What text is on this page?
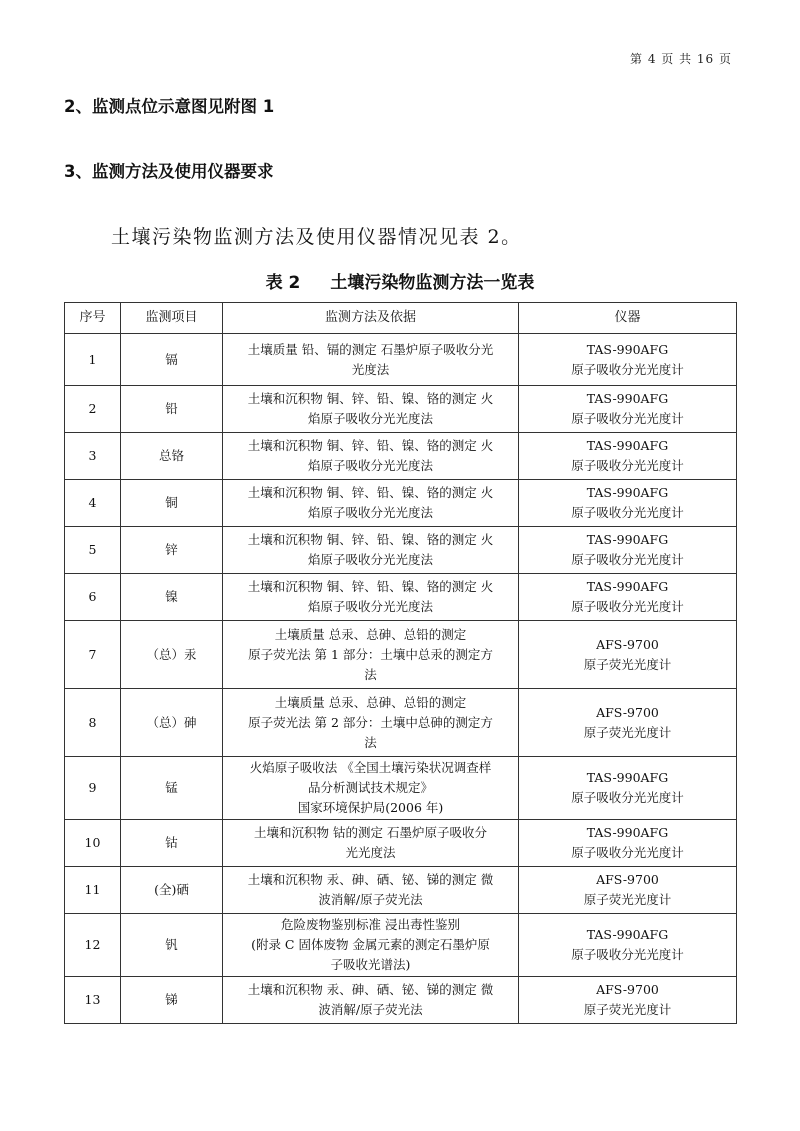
第 4 页 共 16 页
2、监测点位示意图见附图 1
3、监测方法及使用仪器要求
土壤污染物监测方法及使用仪器情况见表 2。
表 2 土壤污染物监测方法一览表
序号	监测项目	监测方法及依据	仪器
1	镉	土壤质量 铅、镉的测定 石墨炉原子吸收分光
光度法	TAS-990AFG
原子吸收分光光度计

2	铅	土壤和沉积物 铜、锌、铅、镍、铬的测定 火
焰原子吸收分光光度法	TAS-990AFG
原子吸收分光光度计

3	总铬	土壤和沉积物 铜、锌、铅、镍、铬的测定 火
焰原子吸收分光光度法	TAS-990AFG
原子吸收分光光度计

4	铜	土壤和沉积物 铜、锌、铅、镍、铬的测定 火
焰原子吸收分光光度法	TAS-990AFG
原子吸收分光光度计

5	锌	土壤和沉积物 铜、锌、铅、镍、铬的测定 火
焰原子吸收分光光度法	TAS-990AFG
原子吸收分光光度计

6	镍	土壤和沉积物 铜、锌、铅、镍、铬的测定 火
焰原子吸收分光光度法	TAS-990AFG
原子吸收分光光度计

7	（总）汞	土壤质量 总汞、总砷、总铅的测定
原子荧光法 第 1 部分：土壤中总汞的测定方
法	AFS-9700
原子荧光光度计

8	（总）砷	土壤质量 总汞、总砷、总铅的测定
原子荧光法 第 2 部分：土壤中总砷的测定方
法	AFS-9700
原子荧光光度计

9	锰	火焰原子吸收法 《全国土壤污染状况调查样
品分析测试技术规定》
国家环境保护局(2006 年)	TAS-990AFG
原子吸收分光光度计

10	钴	土壤和沉积物 钴的测定 石墨炉原子吸收分
光光度法	TAS-990AFG
原子吸收分光光度计

11	(全)硒	土壤和沉积物 汞、砷、硒、铋、锑的测定 微
波消解/原子荧光法	AFS-9700
原子荧光光度计

12	钒	危险废物鉴别标准 浸出毒性鉴别
(附录 C 固体废物 金属元素的测定石墨炉原
子吸收光谱法)	TAS-990AFG
原子吸收分光光度计

13	锑	土壤和沉积物 汞、砷、硒、铋、锑的测定 微
波消解/原子荧光法	AFS-9700
原子荧光光度计
